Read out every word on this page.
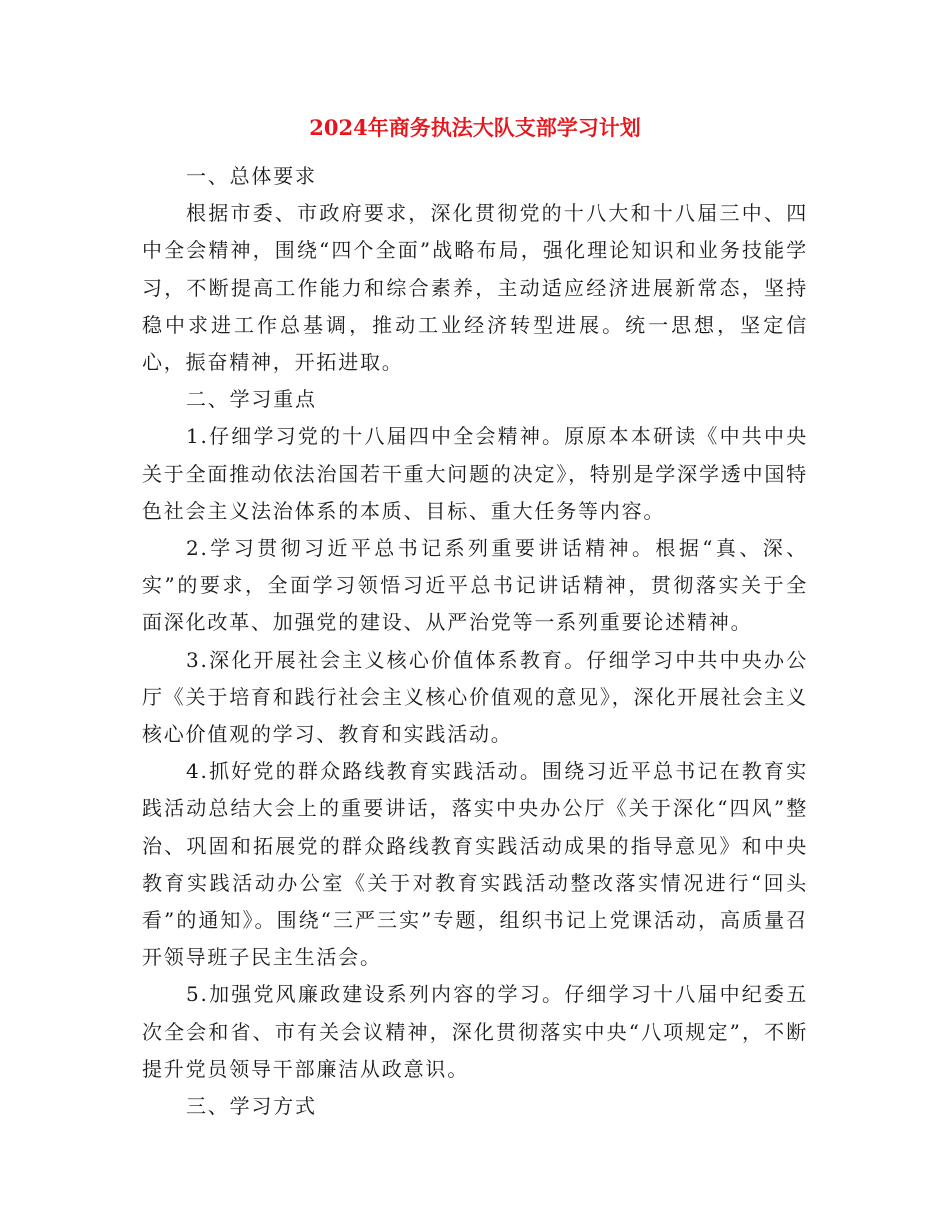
2024年商务执法大队支部学习计划

一、总体要求

根据市委、市政府要求，深化贯彻党的十八大和十八届三中、四中全会精神，围绕“四个全面”战略布局，强化理论知识和业务技能学习，不断提高工作能力和综合素养，主动适应经济进展新常态，坚持稳中求进工作总基调，推动工业经济转型进展。统一思想，坚定信心，振奋精神，开拓进取。

二、学习重点

1.仔细学习党的十八届四中全会精神。原原本本研读《中共中央关于全面推动依法治国若干重大问题的决定》，特别是学深学透中国特色社会主义法治体系的本质、目标、重大任务等内容。

2.学习贯彻习近平总书记系列重要讲话精神。根据“真、深、实”的要求，全面学习领悟习近平总书记讲话精神，贯彻落实关于全面深化改革、加强党的建设、从严治党等一系列重要论述精神。

3.深化开展社会主义核心价值体系教育。仔细学习中共中央办公厅《关于培育和践行社会主义核心价值观的意见》，深化开展社会主义核心价值观的学习、教育和实践活动。

4.抓好党的群众路线教育实践活动。围绕习近平总书记在教育实践活动总结大会上的重要讲话，落实中央办公厅《关于深化“四风”整治、巩固和拓展党的群众路线教育实践活动成果的指导意见》和中央教育实践活动办公室《关于对教育实践活动整改落实情况进行“回头看”的通知》。围绕“三严三实”专题，组织书记上党课活动，高质量召开领导班子民主生活会。

5.加强党风廉政建设系列内容的学习。仔细学习十八届中纪委五次全会和省、市有关会议精神，深化贯彻落实中央“八项规定”，不断提升党员领导干部廉洁从政意识。

三、学习方式
